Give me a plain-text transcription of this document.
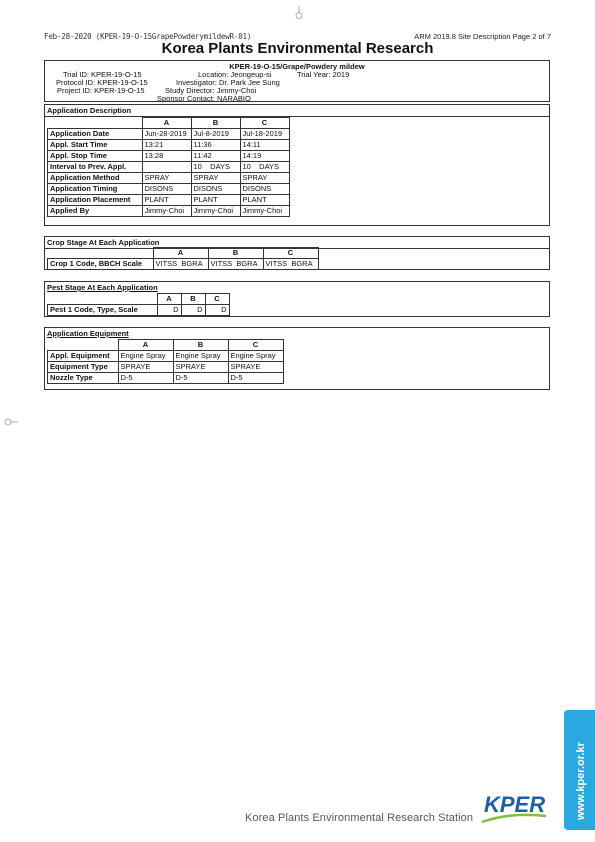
Feb-28-2020 (KPER-19-O-15GrapePowderymildewR-01)	ARM 2019.8 Site Description Page 2 of 7
Korea Plants Environmental Research
KPER-19-O-15/Grape/Powdery mildew
Trial ID: KPER-19-O-15
Protocol ID: KPER-19-O-15
Project ID: KPER-19-O-15
Location: Jeongeup-si
Investigator: Dr. Park Jee Sung
Study Director: Jimmy-Choi
Sponsor Contact: NARABIO
Trial Year: 2019
Application Description
	A	B	C
Application Date	Jun-28-2019	Jul-8-2019	Jul-18-2019
Appl. Start Time	13:21	11:36	14:11
Appl. Stop Time	13:28	11:42	14:19
Interval to Prev. Appl.		10    DAYS	10    DAYS
Application Method	SPRAY	SPRAY	SPRAY
Application Timing	DISONS	DISONS	DISONS
Application Placement	PLANT	PLANT	PLANT
Applied By	Jimmy-Choi	Jimmy-Choi	Jimmy-Choi
Crop Stage At Each Application
	A	B	C
Crop 1 Code, BBCH Scale	VITSS  BGRA	VITSS  BGRA	VITSS  BGRA
Pest Stage At Each Application
	A	B	C
Pest 1 Code, Type, Scale	D	D	D
Application Equipment
	A	B	C
Appl. Equipment	Engine Spray	Engine Spray	Engine Spray
Equipment Type	SPRAYE	SPRAYE	SPRAYE
Nozzle Type	D-5	D-5	D-5
Korea Plants Environmental Research Station
KPER	www.kper.or.kr
